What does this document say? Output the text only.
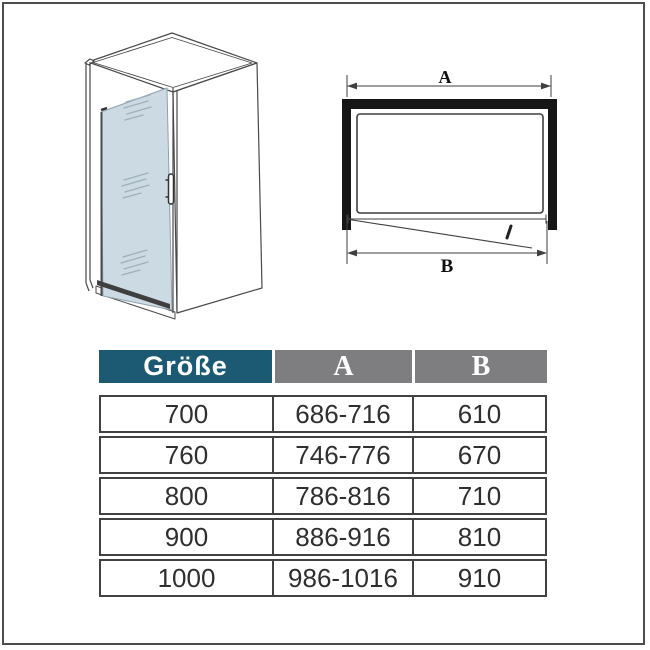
A
B
Größe	A	B
700	686-716	610
760	746-776	670
800	786-816	710
900	886-916	810
1000	986-1016	910
